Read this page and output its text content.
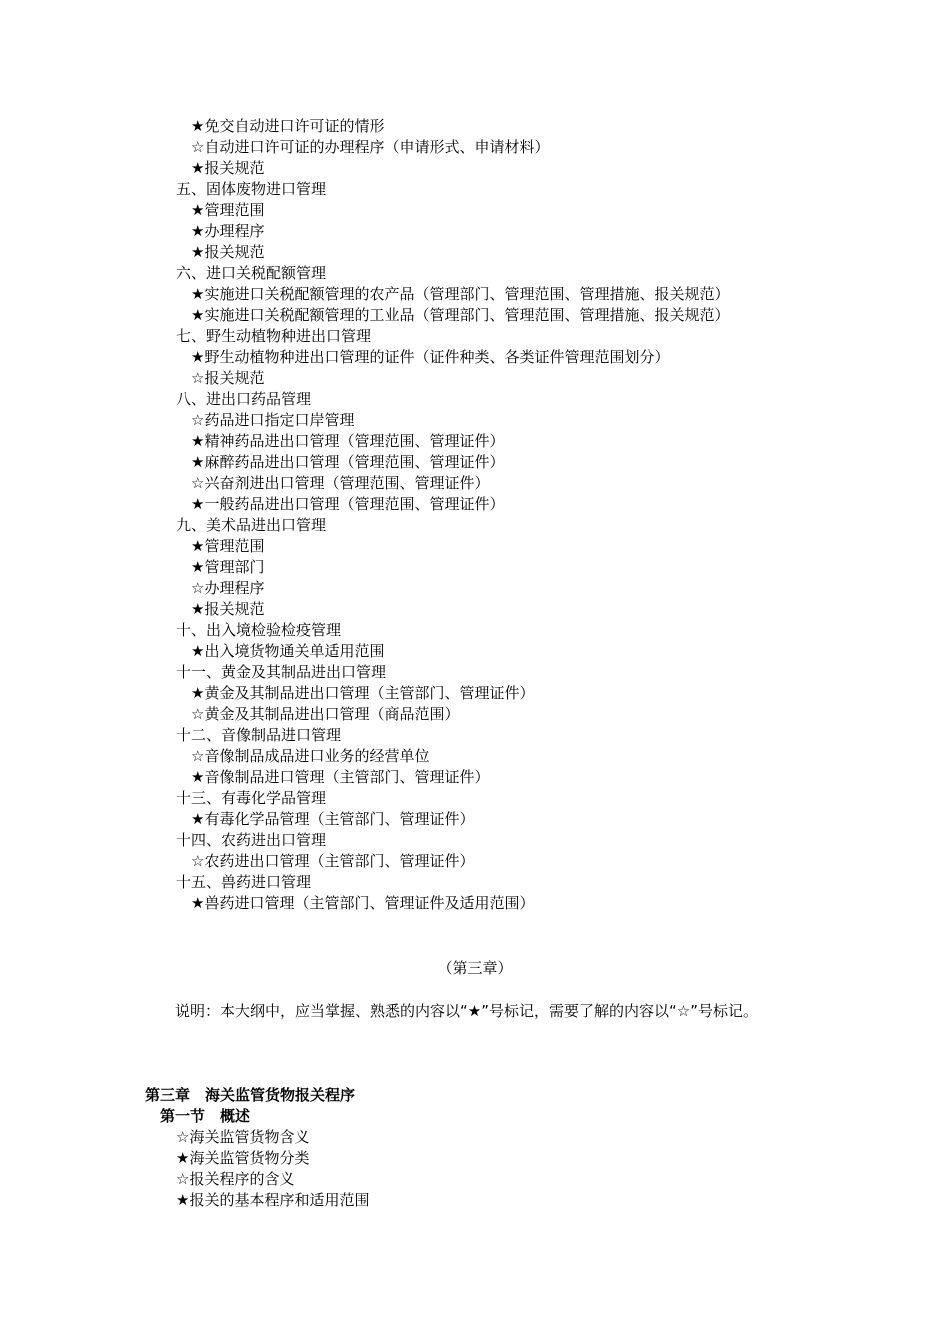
★免交自动进口许可证的情形
☆自动进口许可证的办理程序（申请形式、申请材料）
★报关规范
五、固体废物进口管理
★管理范围
★办理程序
★报关规范
六、进口关税配额管理
★实施进口关税配额管理的农产品（管理部门、管理范围、管理措施、报关规范）
★实施进口关税配额管理的工业品（管理部门、管理范围、管理措施、报关规范）
七、野生动植物种进出口管理
★野生动植物种进出口管理的证件（证件种类、各类证件管理范围划分）
☆报关规范
八、进出口药品管理
☆药品进口指定口岸管理
★精神药品进出口管理（管理范围、管理证件）
★麻醉药品进出口管理（管理范围、管理证件）
☆兴奋剂进出口管理（管理范围、管理证件）
★一般药品进出口管理（管理范围、管理证件）
九、美术品进出口管理
★管理范围
★管理部门
☆办理程序
★报关规范
十、出入境检验检疫管理
★出入境货物通关单适用范围
十一、黄金及其制品进出口管理
★黄金及其制品进出口管理（主管部门、管理证件）
☆黄金及其制品进出口管理（商品范围）
十二、音像制品进口管理
☆音像制品成品进口业务的经营单位
★音像制品进口管理（主管部门、管理证件）
十三、有毒化学品管理
★有毒化学品管理（主管部门、管理证件）
十四、农药进出口管理
☆农药进出口管理（主管部门、管理证件）
十五、兽药进口管理
★兽药进口管理（主管部门、管理证件及适用范围）
（第三章）
说明：本大纲中，应当掌握、熟悉的内容以“★”号标记，需要了解的内容以“☆”号标记。
第三章　海关监管货物报关程序
第一节　概述
☆海关监管货物含义
★海关监管货物分类
☆报关程序的含义
★报关的基本程序和适用范围
